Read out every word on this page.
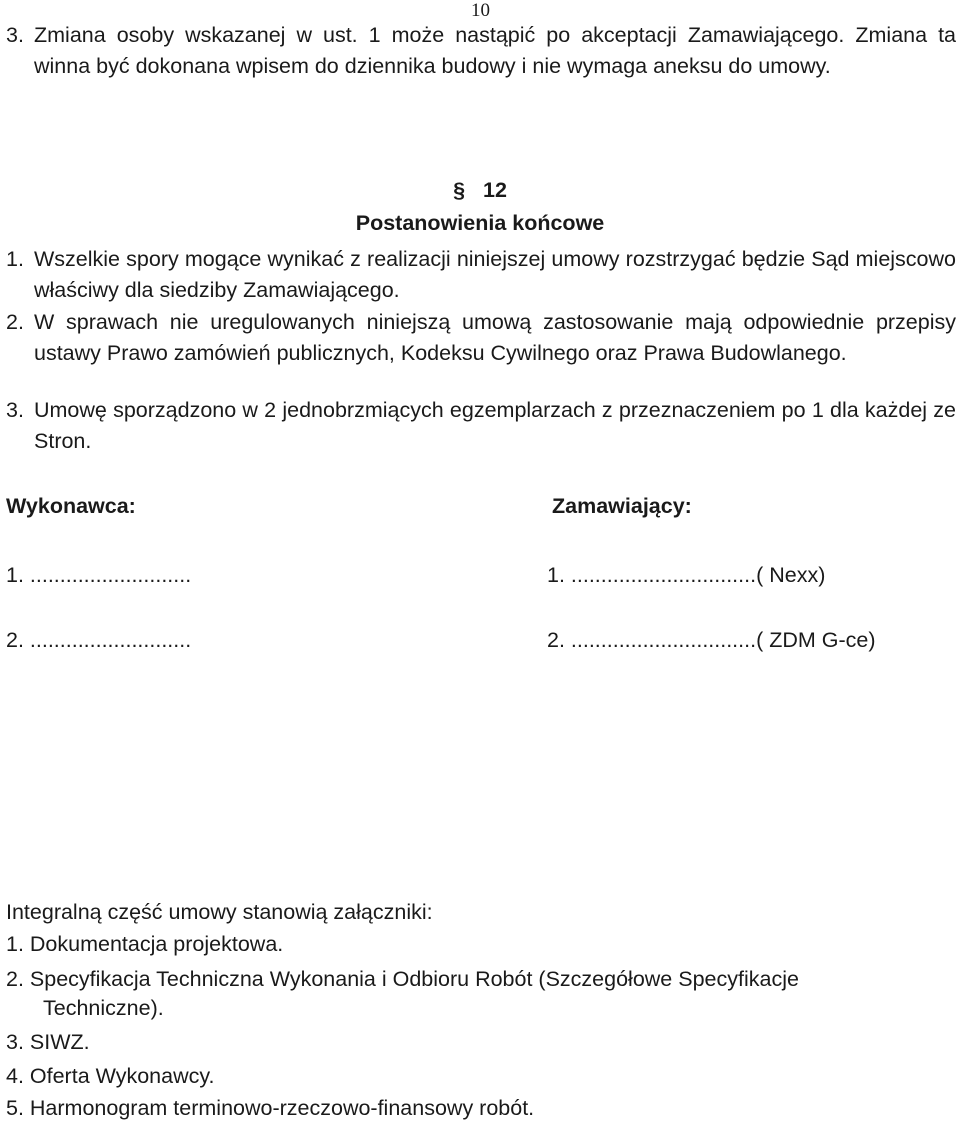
10
3. Zmiana osoby wskazanej w ust. 1 może nastąpić po akceptacji Zamawiającego. Zmiana ta winna być dokonana wpisem do dziennika budowy i nie wymaga aneksu do umowy.
§ 12
Postanowienia końcowe
1. Wszelkie spory mogące wynikać z realizacji niniejszej umowy rozstrzygać będzie Sąd miejscowo właściwy dla siedziby Zamawiającego.
2. W sprawach nie uregulowanych niniejszą umową zastosowanie mają odpowiednie przepisy ustawy Prawo zamówień publicznych, Kodeksu Cywilnego oraz Prawa Budowlanego.
3. Umowę sporządzono w 2 jednobrzmiących egzemplarzach z przeznaczeniem po 1 dla każdej ze Stron.
Wykonawca:	Zamawiający:
1. ...........................	1. ...............................( Nexx)
2. ...........................	2. ...............................( ZDM G-ce)
Integralną część umowy stanowią załączniki:
1. Dokumentacja projektowa.
2. Specyfikacja Techniczna Wykonania i Odbioru Robót (Szczegółowe Specyfikacje
Techniczne).
3. SIWZ.
4. Oferta Wykonawcy.
5. Harmonogram terminowo-rzeczowo-finansowy robót.
